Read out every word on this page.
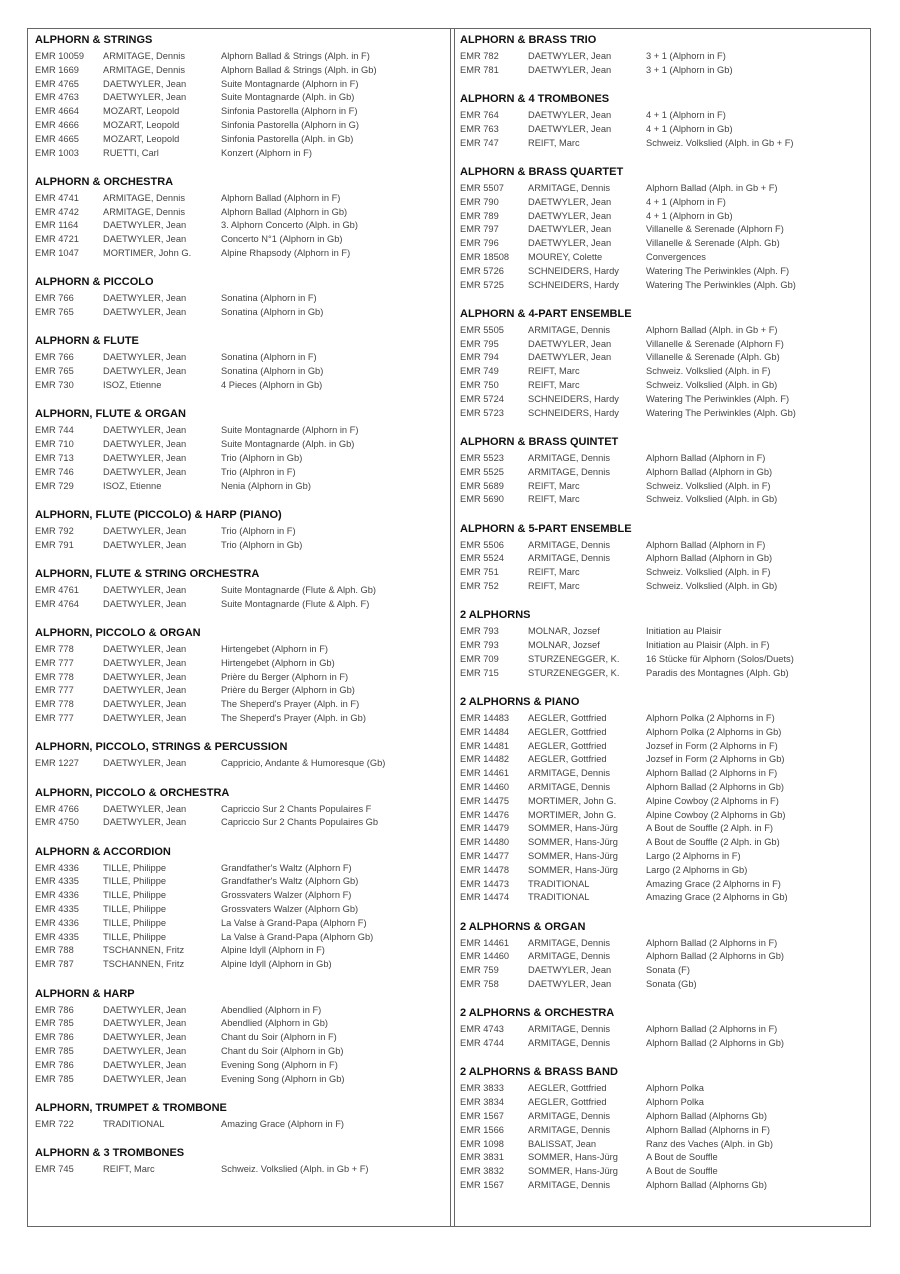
ALPHORN & STRINGS
EMR 10059 ARMITAGE, Dennis	Alphorn Ballad & Strings (Alph. in F)
EMR 1669	ARMITAGE, Dennis	Alphorn Ballad & Strings (Alph. in Gb)
EMR 4765	DAETWYLER, Jean	Suite Montagnarde (Alphorn in F)
EMR 4763	DAETWYLER, Jean	Suite Montagnarde (Alph. in Gb)
EMR 4664	MOZART, Leopold	Sinfonia Pastorella (Alphorn in F)
EMR 4666	MOZART, Leopold	Sinfonia Pastorella (Alphorn in G)
EMR 4665	MOZART, Leopold	Sinfonia Pastorella (Alph. in Gb)
EMR 1003	RUETTI, Carl	Konzert (Alphorn in F)
ALPHORN & ORCHESTRA
EMR 4741	ARMITAGE, Dennis	Alphorn Ballad (Alphorn in F)
EMR 4742	ARMITAGE, Dennis	Alphorn Ballad (Alphorn in Gb)
EMR 1164	DAETWYLER, Jean	3. Alphorn Concerto (Alph. in Gb)
EMR 4721	DAETWYLER, Jean	Concerto N°1 (Alphorn in Gb)
EMR 1047	MORTIMER, John G.	Alpine Rhapsody (Alphorn in F)
ALPHORN & PICCOLO
EMR 766	DAETWYLER, Jean	Sonatina (Alphorn in F)
EMR 765	DAETWYLER, Jean	Sonatina (Alphorn in Gb)
ALPHORN & FLUTE
EMR 766	DAETWYLER, Jean	Sonatina (Alphorn in F)
EMR 765	DAETWYLER, Jean	Sonatina (Alphorn in Gb)
EMR 730	ISOZ, Etienne	4 Pieces (Alphorn in Gb)
ALPHORN, FLUTE & ORGAN
EMR 744	DAETWYLER, Jean	Suite Montagnarde (Alphorn in F)
EMR 710	DAETWYLER, Jean	Suite Montagnarde (Alph. in Gb)
EMR 713	DAETWYLER, Jean	Trio (Alphorn in Gb)
EMR 746	DAETWYLER, Jean	Trio (Alphron in F)
EMR 729	ISOZ, Etienne	Nenia (Alphorn in Gb)
ALPHORN, FLUTE (PICCOLO) & HARP (PIANO)
EMR 792	DAETWYLER, Jean	Trio (Alphorn in F)
EMR 791	DAETWYLER, Jean	Trio (Alphorn in Gb)
ALPHORN, FLUTE & STRING ORCHESTRA
EMR 4761	DAETWYLER, Jean	Suite Montagnarde (Flute & Alph. Gb)
EMR 4764	DAETWYLER, Jean	Suite Montagnarde (Flute & Alph. F)
ALPHORN, PICCOLO & ORGAN
EMR 778	DAETWYLER, Jean	Hirtengebet (Alphorn in F)
EMR 777	DAETWYLER, Jean	Hirtengebet (Alphorn in Gb)
EMR 778	DAETWYLER, Jean	Prière du Berger (Alphorn in F)
EMR 777	DAETWYLER, Jean	Prière du Berger (Alphorn in Gb)
EMR 778	DAETWYLER, Jean	The Sheperd's Prayer (Alph. in F)
EMR 777	DAETWYLER, Jean	The Sheperd's Prayer (Alph. in Gb)
ALPHORN, PICCOLO, STRINGS & PERCUSSION
EMR 1227	DAETWYLER, Jean	Cappricio, Andante & Humoresque (Gb)
ALPHORN, PICCOLO & ORCHESTRA
EMR 4766	DAETWYLER, Jean	Capriccio Sur 2 Chants Populaires F
EMR 4750	DAETWYLER, Jean	Capriccio Sur 2 Chants Populaires Gb
ALPHORN & ACCORDION
EMR 4336	TILLE, Philippe	Grandfather's Waltz (Alphorn F)
EMR 4335	TILLE, Philippe	Grandfather's Waltz (Alphorn Gb)
EMR 4336	TILLE, Philippe	Grossvaters Walzer (Alphorn F)
EMR 4335	TILLE, Philippe	Grossvaters Walzer (Alphorn Gb)
EMR 4336	TILLE, Philippe	La Valse à Grand-Papa (Alphorn F)
EMR 4335	TILLE, Philippe	La Valse à Grand-Papa (Alphorn Gb)
EMR 788	TSCHANNEN, Fritz	Alpine Idyll (Alphorn in F)
EMR 787	TSCHANNEN, Fritz	Alpine Idyll (Alphorn in Gb)
ALPHORN & HARP
EMR 786	DAETWYLER, Jean	Abendlied (Alphorn in F)
EMR 785	DAETWYLER, Jean	Abendlied (Alphorn in Gb)
EMR 786	DAETWYLER, Jean	Chant du Soir (Alphorn in F)
EMR 785	DAETWYLER, Jean	Chant du Soir (Alphorn in Gb)
EMR 786	DAETWYLER, Jean	Evening Song (Alphorn in F)
EMR 785	DAETWYLER, Jean	Evening Song (Alphorn in Gb)
ALPHORN, TRUMPET & TROMBONE
EMR 722	TRADITIONAL	Amazing Grace (Alphorn in F)
ALPHORN & 3 TROMBONES
EMR 745	REIFT, Marc	Schweiz. Volkslied (Alph. in Gb + F)
ALPHORN & BRASS TRIO
EMR 782	DAETWYLER, Jean	3 + 1 (Alphorn in F)
EMR 781	DAETWYLER, Jean	3 + 1 (Alphorn in Gb)
ALPHORN & 4 TROMBONES
EMR 764	DAETWYLER, Jean	4 + 1 (Alphorn in F)
EMR 763	DAETWYLER, Jean	4 + 1 (Alphorn in Gb)
EMR 747	REIFT, Marc	Schweiz. Volkslied (Alph. in Gb + F)
ALPHORN & BRASS QUARTET
EMR 5507	ARMITAGE, Dennis	Alphorn Ballad (Alph. in Gb + F)
EMR 790	DAETWYLER, Jean	4 + 1 (Alphorn in F)
EMR 789	DAETWYLER, Jean	4 + 1 (Alphorn in Gb)
EMR 797	DAETWYLER, Jean	Villanelle & Serenade (Alphorn F)
EMR 796	DAETWYLER, Jean	Villanelle & Serenade (Alph. Gb)
EMR 18508 MOUREY, Colette	Convergences
EMR 5726	SCHNEIDERS, Hardy	Watering The Periwinkles (Alph. F)
EMR 5725	SCHNEIDERS, Hardy	Watering The Periwinkles (Alph. Gb)
ALPHORN & 4-PART ENSEMBLE
EMR 5505	ARMITAGE, Dennis	Alphorn Ballad (Alph. in Gb + F)
EMR 795	DAETWYLER, Jean	Villanelle & Serenade (Alphorn F)
EMR 794	DAETWYLER, Jean	Villanelle & Serenade (Alph. Gb)
EMR 749	REIFT, Marc	Schweiz. Volkslied (Alph. in F)
EMR 750	REIFT, Marc	Schweiz. Volkslied (Alph. in Gb)
EMR 5724	SCHNEIDERS, Hardy	Watering The Periwinkles (Alph. F)
EMR 5723	SCHNEIDERS, Hardy	Watering The Periwinkles (Alph. Gb)
ALPHORN & BRASS QUINTET
EMR 5523	ARMITAGE, Dennis	Alphorn Ballad (Alphorn in F)
EMR 5525	ARMITAGE, Dennis	Alphorn Ballad (Alphorn in Gb)
EMR 5689	REIFT, Marc	Schweiz. Volkslied (Alph. in F)
EMR 5690	REIFT, Marc	Schweiz. Volkslied (Alph. in Gb)
ALPHORN & 5-PART ENSEMBLE
EMR 5506	ARMITAGE, Dennis	Alphorn Ballad (Alphorn in F)
EMR 5524	ARMITAGE, Dennis	Alphorn Ballad (Alphorn in Gb)
EMR 751	REIFT, Marc	Schweiz. Volkslied (Alph. in F)
EMR 752	REIFT, Marc	Schweiz. Volkslied (Alph. in Gb)
2 ALPHORNS
EMR 793	MOLNAR, Jozsef	Initiation au Plaisir
EMR 793	MOLNAR, Jozsef	Initiation au Plaisir (Alph. in F)
EMR 709	STURZENEGGER, K.	16 Stücke für Alphorn (Solos/Duets)
EMR 715	STURZENEGGER, K.	Paradis des Montagnes (Alph. Gb)
2 ALPHORNS & PIANO
EMR 14483 AEGLER, Gottfried	Alphorn Polka (2 Alphorns in F)
EMR 14484 AEGLER, Gottfried	Alphorn Polka (2 Alphorns in Gb)
EMR 14481 AEGLER, Gottfried	Jozsef in Form (2 Alphorns in F)
EMR 14482 AEGLER, Gottfried	Jozsef in Form (2 Alphorns in Gb)
EMR 14461 ARMITAGE, Dennis	Alphorn Ballad (2 Alphorns in F)
EMR 14460 ARMITAGE, Dennis	Alphorn Ballad (2 Alphorns in Gb)
EMR 14475 MORTIMER, John G.	Alpine Cowboy (2 Alphorns in F)
EMR 14476 MORTIMER, John G.	Alpine Cowboy (2 Alphorns in Gb)
EMR 14479 SOMMER, Hans-Jürg	A Bout de Souffle (2 Alph. in F)
EMR 14480 SOMMER, Hans-Jürg	A Bout de Souffle (2 Alph. in Gb)
EMR 14477 SOMMER, Hans-Jürg	Largo (2 Alphorns in F)
EMR 14478 SOMMER, Hans-Jürg	Largo (2 Alphorns in Gb)
EMR 14473 TRADITIONAL	Amazing Grace (2 Alphorns in F)
EMR 14474 TRADITIONAL	Amazing Grace (2 Alphorns in Gb)
2 ALPHORNS & ORGAN
EMR 14461 ARMITAGE, Dennis	Alphorn Ballad (2 Alphorns in F)
EMR 14460 ARMITAGE, Dennis	Alphorn Ballad (2 Alphorns in Gb)
EMR 759	DAETWYLER, Jean	Sonata (F)
EMR 758	DAETWYLER, Jean	Sonata (Gb)
2 ALPHORNS & ORCHESTRA
EMR 4743	ARMITAGE, Dennis	Alphorn Ballad (2 Alphorns in F)
EMR 4744	ARMITAGE, Dennis	Alphorn Ballad (2 Alphorns in Gb)
2 ALPHORNS & BRASS BAND
EMR 3833	AEGLER, Gottfried	Alphorn Polka
EMR 3834	AEGLER, Gottfried	Alphorn Polka
EMR 1567	ARMITAGE, Dennis	Alphorn Ballad (Alphorns Gb)
EMR 1566	ARMITAGE, Dennis	Alphorn Ballad (Alphorns in F)
EMR 1098	BALISSAT, Jean	Ranz des Vaches (Alph. in Gb)
EMR 3831	SOMMER, Hans-Jürg	A Bout de Souffle
EMR 3832	SOMMER, Hans-Jürg	A Bout de Souffle
EMR 1567	ARMITAGE, Dennis	Alphorn Ballad (Alphorns Gb)
